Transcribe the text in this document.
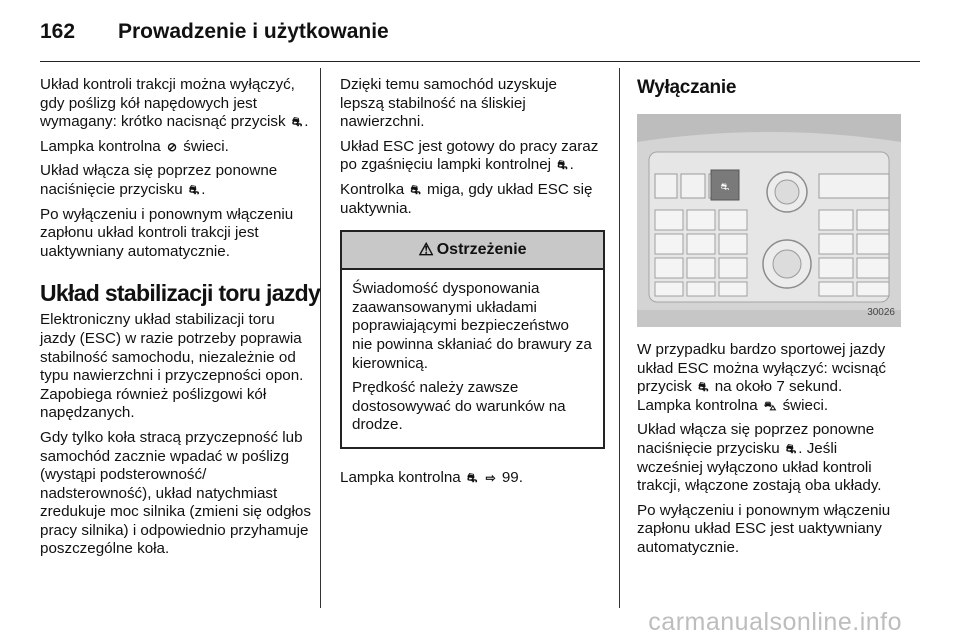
162	Prowadzenie i użytkowanie

Układ kontroli trakcji można wyłączyć, gdy poślizg kół napędowych jest wymagany: krótko nacisnąć przycisk ⛐ .

Lampka kontrolna ⊘ świeci.

Układ włącza się poprzez ponowne naciśnięcie przycisku ⛐ .

Po wyłączeniu i ponownym włączeniu zapłonu układ kontroli trakcji jest uaktywniany automatycznie.

Układ stabilizacji toru jazdy

Elektroniczny układ stabilizacji toru jazdy (ESC) w razie potrzeby poprawia stabilność samochodu, niezależnie od typu nawierzchni i przyczepności opon. Zapobiega również poślizgowi kół napędzanych.

Gdy tylko koła stracą przyczepność lub samochód zacznie wpadać w poślizg (wystąpi podsterowność/ nadsterowność), układ natychmiast zredukuje moc silnika (zmieni się odgłos pracy silnika) i odpowiednio przyhamuje poszczególne koła.

Dzięki temu samochód uzyskuje lepszą stabilność na śliskiej nawierzchni.

Układ ESC jest gotowy do pracy zaraz po zgaśnięciu lampki kontrolnej ⛐ .

Kontrolka ⛐ miga, gdy układ ESC się uaktywnia.

⚠ Ostrzeżenie

Świadomość dysponowania zaawansowanymi układami poprawiającymi bezpieczeństwo nie powinna skłaniać do brawury za kierownicą.

Prędkość należy zawsze dostosowywać do warunków na drodze.

Lampka kontrolna ⛐ ⇨ 99.

Wyłączanie
⛐
30026

W przypadku bardzo sportowej jazdy układ ESC można wyłączyć: wcisnąć przycisk ⛐ na około 7 sekund.
Lampka kontrolna ⛍ świeci.

Układ włącza się poprzez ponowne naciśnięcie przycisku ⛐ . Jeśli wcześniej wyłączono układ kontroli trakcji, włączone zostają oba układy.

Po wyłączeniu i ponownym włączeniu zapłonu układ ESC jest uaktywniany automatycznie.

carmanualsonline.info
